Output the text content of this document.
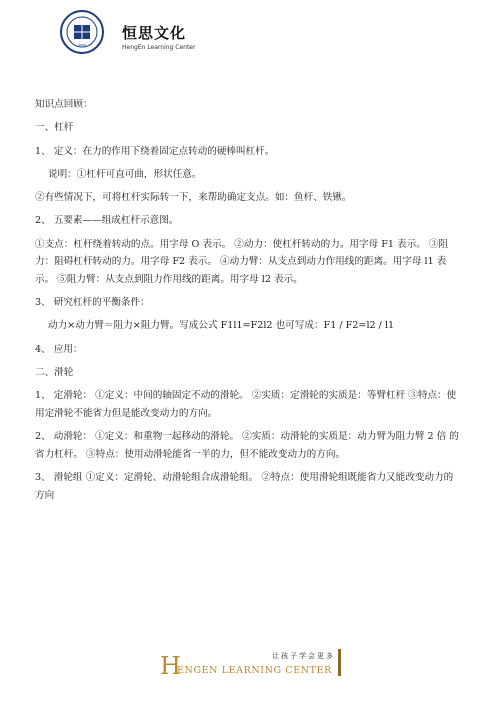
恒思文化
HengEn Learning Center

知识点回顾：

一、杠杆

1、 定义：在力的作用下绕着固定点转动的硬棒叫杠杆。

说明：①杠杆可直可曲，形状任意。

②有些情况下，可将杠杆实际转一下，来帮助确定支点。如：鱼杆、铁锹。

2、 五要素——组成杠杆示意图。

①支点：杠杆绕着转动的点。用字母 O 表示。 ②动力：使杠杆转动的力。用字母 F1 表示。 ③阻力：阻碍杠杆转动的力。用字母 F2 表示。 ④动力臂：从支点到动力作用线的距离。用字母 l1 表示。 ⑤阻力臂：从支点到阻力作用线的距离。用字母 l2 表示。

3、 研究杠杆的平衡条件：

动力×动力臂＝阻力×阻力臂。写成公式 F1l1=F2l2 也可写成：F1 / F2=l2 / l1

4、 应用：

二、滑轮

1、 定滑轮： ①定义：中间的轴固定不动的滑轮。 ②实质：定滑轮的实质是：等臂杠杆 ③特点：使用定滑轮不能省力但是能改变动力的方向。

2、 动滑轮： ①定义：和重物一起移动的滑轮。 ②实质：动滑轮的实质是：动力臂为阻力臂 2 倍 的省力杠杆。 ③特点：使用动滑轮能省一半的力，但不能改变动力的方向。

3、 滑轮组 ①定义：定滑轮、动滑轮组合成滑轮组。 ②特点：使用滑轮组既能省力又能改变动力的方向

让孩子学会更多
H
ENGEN LEARNING CENTER
